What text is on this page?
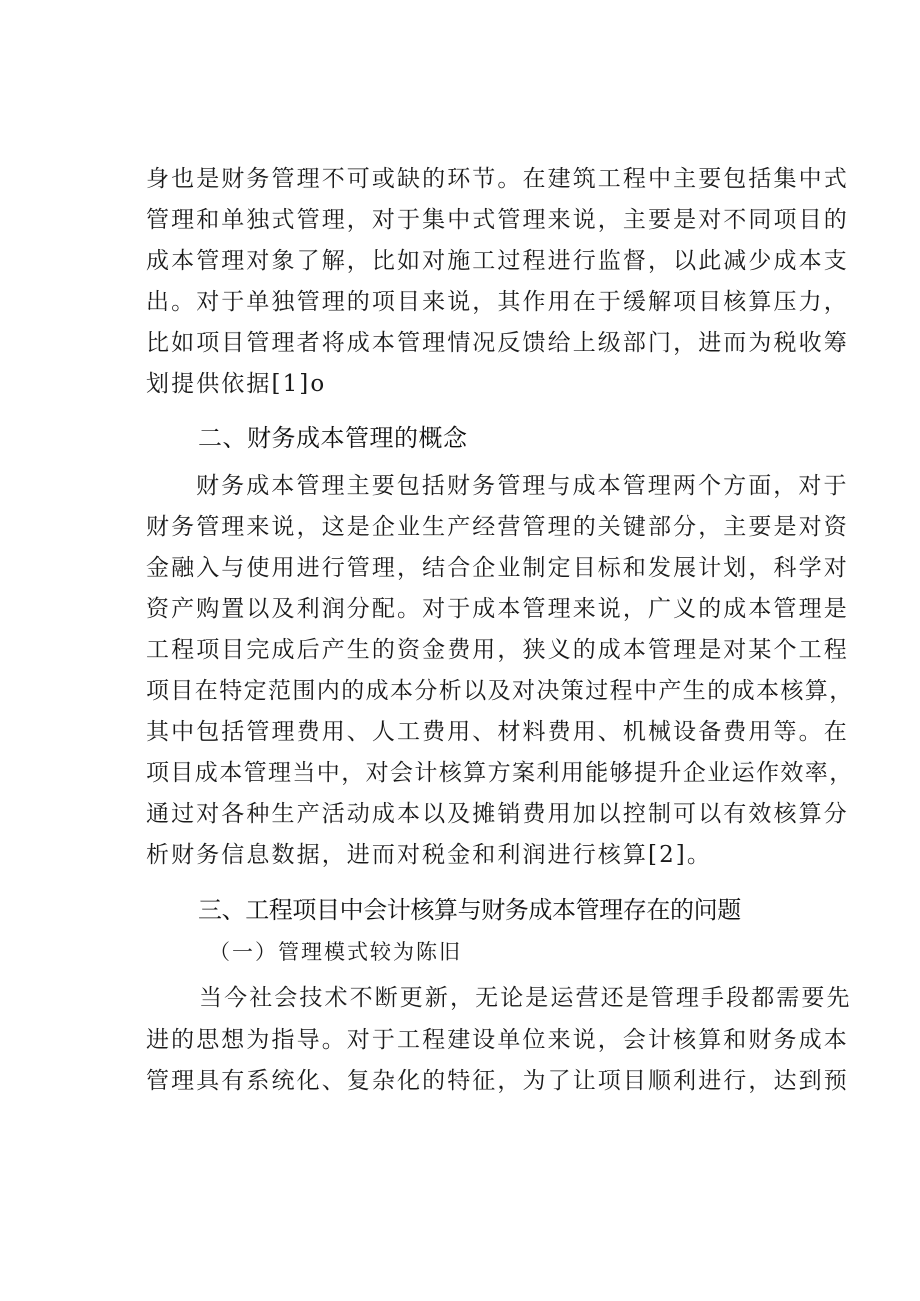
身也是财务管理不可或缺的环节。在建筑工程中主要包括集中式
管理和单独式管理，对于集中式管理来说，主要是对不同项目的
成本管理对象了解，比如对施工过程进行监督，以此减少成本支
出。对于单独管理的项目来说，其作用在于缓解项目核算压力，
比如项目管理者将成本管理情况反馈给上级部门，进而为税收筹
划提供依据[1]o
二、财务成本管理的概念
财务成本管理主要包括财务管理与成本管理两个方面，对于
财务管理来说，这是企业生产经营管理的关键部分，主要是对资
金融入与使用进行管理，结合企业制定目标和发展计划，科学对
资产购置以及利润分配。对于成本管理来说，广义的成本管理是
工程项目完成后产生的资金费用，狭义的成本管理是对某个工程
项目在特定范围内的成本分析以及对决策过程中产生的成本核算，
其中包括管理费用、人工费用、材料费用、机械设备费用等。在
项目成本管理当中，对会计核算方案利用能够提升企业运作效率，
通过对各种生产活动成本以及摊销费用加以控制可以有效核算分
析财务信息数据，进而对税金和利润进行核算[2]。
三、工程项目中会计核算与财务成本管理存在的问题
（一）管理模式较为陈旧
当今社会技术不断更新，无论是运营还是管理手段都需要先
进的思想为指导。对于工程建设单位来说，会计核算和财务成本
管理具有系统化、复杂化的特征，为了让项目顺利进行，达到预
